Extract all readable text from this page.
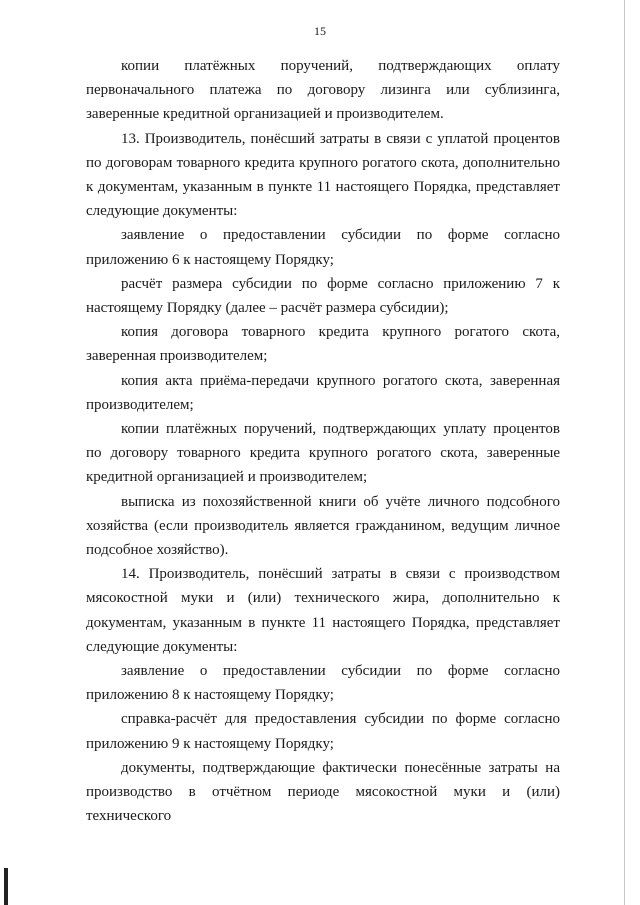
15

копии платёжных поручений, подтверждающих оплату первоначального платежа по договору лизинга или сублизинга, заверенные кредитной организацией и производителем.

13. Производитель, понёсший затраты в связи с уплатой процентов по договорам товарного кредита крупного рогатого скота, дополнительно к документам, указанным в пункте 11 настоящего Порядка, представляет следующие документы:

заявление о предоставлении субсидии по форме согласно приложению 6 к настоящему Порядку;

расчёт размера субсидии по форме согласно приложению 7 к настоящему Порядку (далее – расчёт размера субсидии);

копия договора товарного кредита крупного рогатого скота, заверенная производителем;

копия акта приёма-передачи крупного рогатого скота, заверенная производителем;

копии платёжных поручений, подтверждающих уплату процентов по договору товарного кредита крупного рогатого скота, заверенные кредитной организацией и производителем;

выписка из похозяйственной книги об учёте личного подсобного хозяйства (если производитель является гражданином, ведущим личное подсобное хозяйство).

14. Производитель, понёсший затраты в связи с производством мясокостной муки и (или) технического жира, дополнительно к документам, указанным в пункте 11 настоящего Порядка, представляет следующие документы:

заявление о предоставлении субсидии по форме согласно приложению 8 к настоящему Порядку;

справка-расчёт для предоставления субсидии по форме согласно приложению 9 к настоящему Порядку;

документы, подтверждающие фактически понесённые затраты на производство в отчётном периоде мясокостной муки и (или) технического
